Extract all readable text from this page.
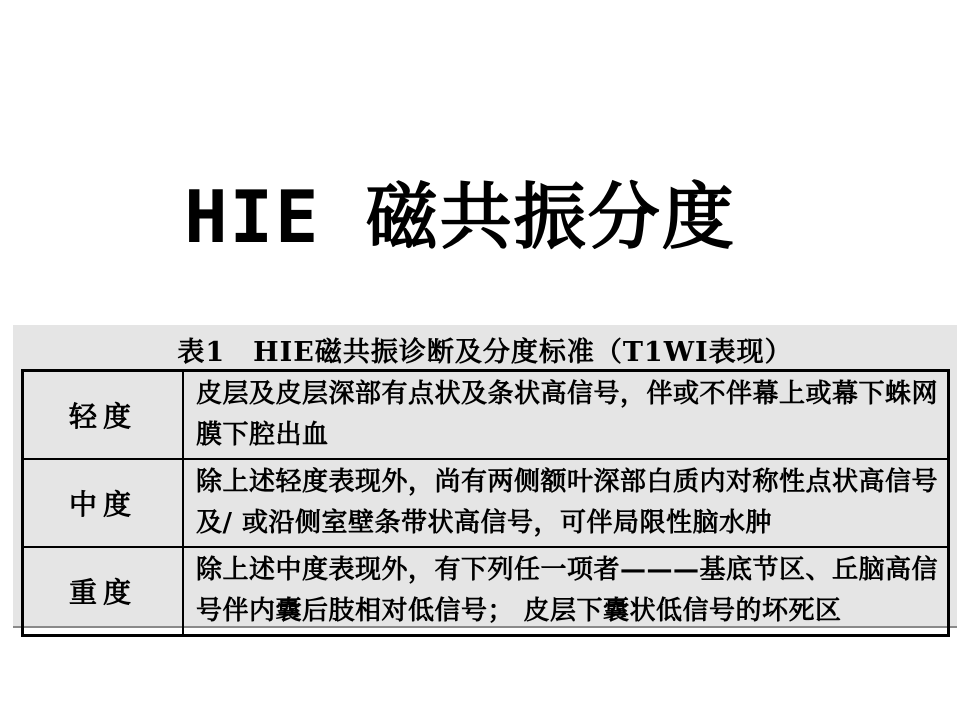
HIE 磁共振分度
表1　HIE磁共振诊断及分度标准（T1WI表现）
轻度	皮层及皮层深部有点状及条状高信号，伴或不伴幕上或幕下蛛网膜下腔出血
中度	除上述轻度表现外，尚有两侧额叶深部白质内对称性点状高信号及/ 或沿侧室壁条带状高信号，可伴局限性脑水肿
重度	除上述中度表现外，有下列任一项者———基底节区、丘脑高信号伴内囊后肢相对低信号； 皮层下囊状低信号的坏死区
